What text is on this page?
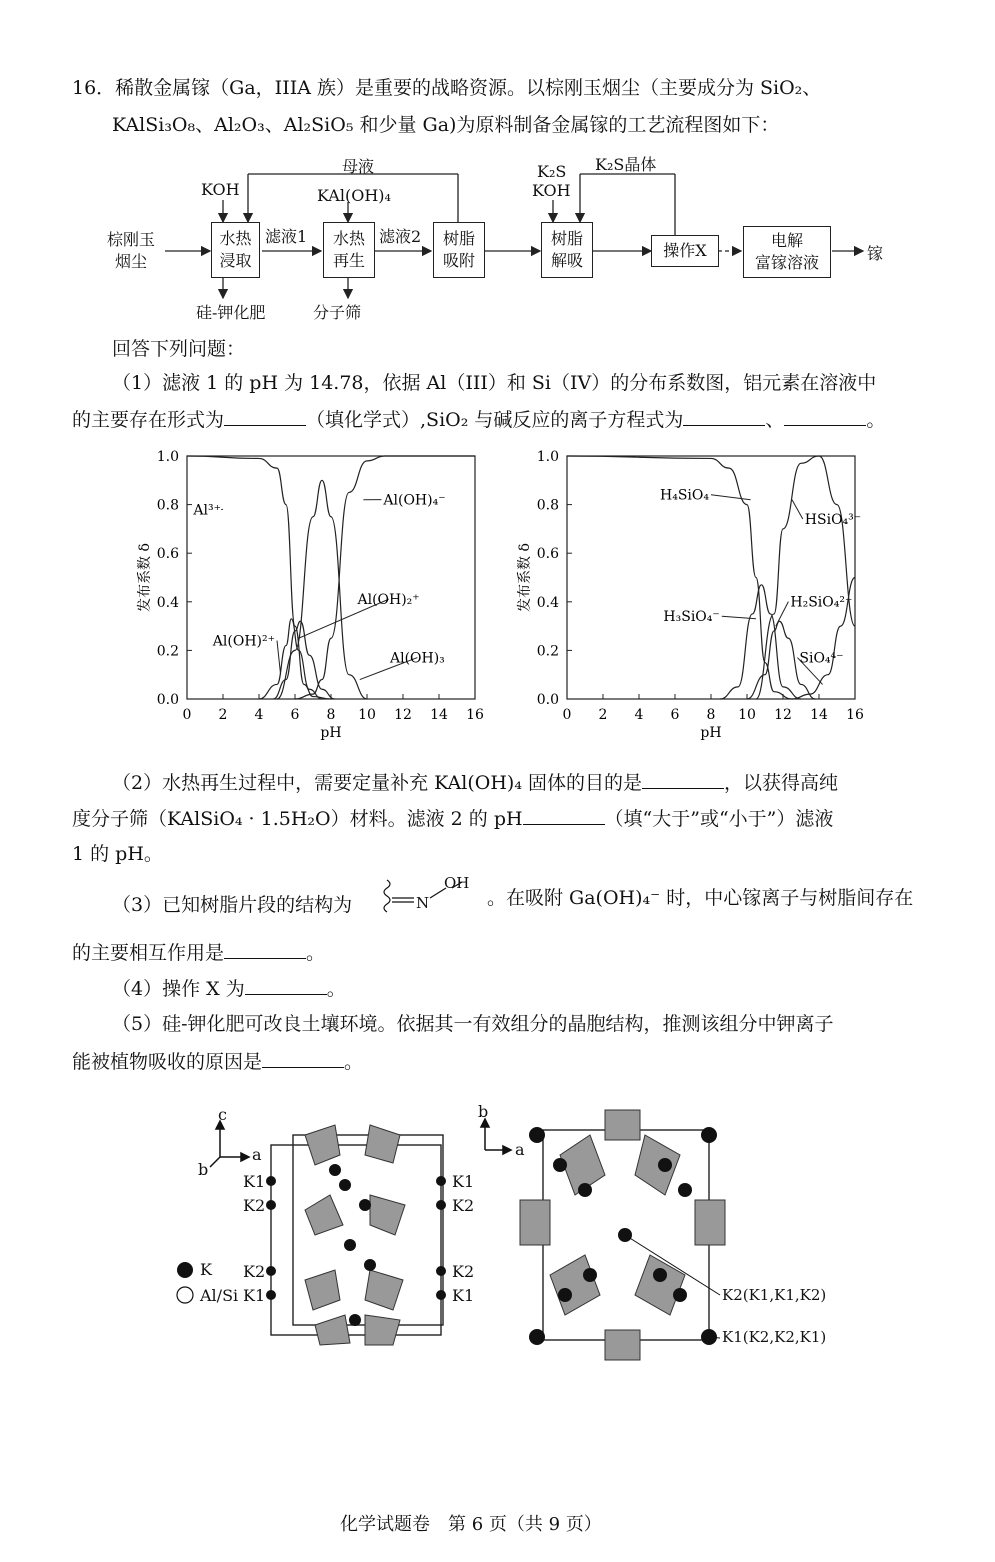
16．稀散金属镓（Ga，IIIA 族）是重要的战略资源。以棕刚玉烟尘（主要成分为 SiO₂、
KAlSi₃O₈、Al₂O₃、Al₂SiO₅ 和少量 Ga)为原料制备金属镓的工艺流程图如下：
棕刚玉
烟尘
KOH
水热
浸取
滤液1
KAl(OH)₄
水热
再生
滤液2 树脂
吸附
母液	K₂S
KOH
K₂S晶体
树脂
解吸
操作X
电解
富镓溶液	镓
硅-钾化肥	分子筛
回答下列问题：
（1）滤液 1 的 pH 为 14.78，依据 Al（III）和 Si（IV）的分布系数图，铝元素在溶液中
的主要存在形式为	（填化学式）,SiO₂ 与碱反应的离子方程式为	、	。
0 2 4 6 8 10 12 14 16
0.0
0.2
0.4
0.6
0.8
1.0
pH
发布系数 δ
Al³⁺
Al(OH)²⁺
Al(OH)₂⁺
Al(OH)₃
Al(OH)₄⁻
0 2 4 6 8 10 12 14 16
0.0
0.2
0.4
0.6
0.8
1.0
pH
发布系数 δ
H₄SiO₄
H₃SiO₄⁻
H₂SiO₄²⁻
HSiO₄³⁻
SiO₄⁴⁻
（2）水热再生过程中，需要定量补充 KAl(OH)₄ 固体的目的是	，以获得高纯
度分子筛（KAlSiO₄ · 1.5H₂O）材料。滤液 2 的 pH	（填“大于”或“小于”）滤液
1 的 pH。
（3）已知树脂片段的结构为	N
OH
。在吸附 Ga(OH)₄⁻ 时，中心镓离子与树脂间存在
的主要相互作用是	。
（4）操作 X 为	。
（5）硅-钾化肥可改良土壤环境。依据其一有效组分的晶胞结构，推测该组分中钾离子
能被植物吸收的原因是	。
c
a
b
K1
K2
K2
K1
K1
K2
K2
K1
K
Al/Si
b
a
K2(K1,K1,K2)
K1(K2,K2,K1)
化学试题卷　第 6 页（共 9 页）
